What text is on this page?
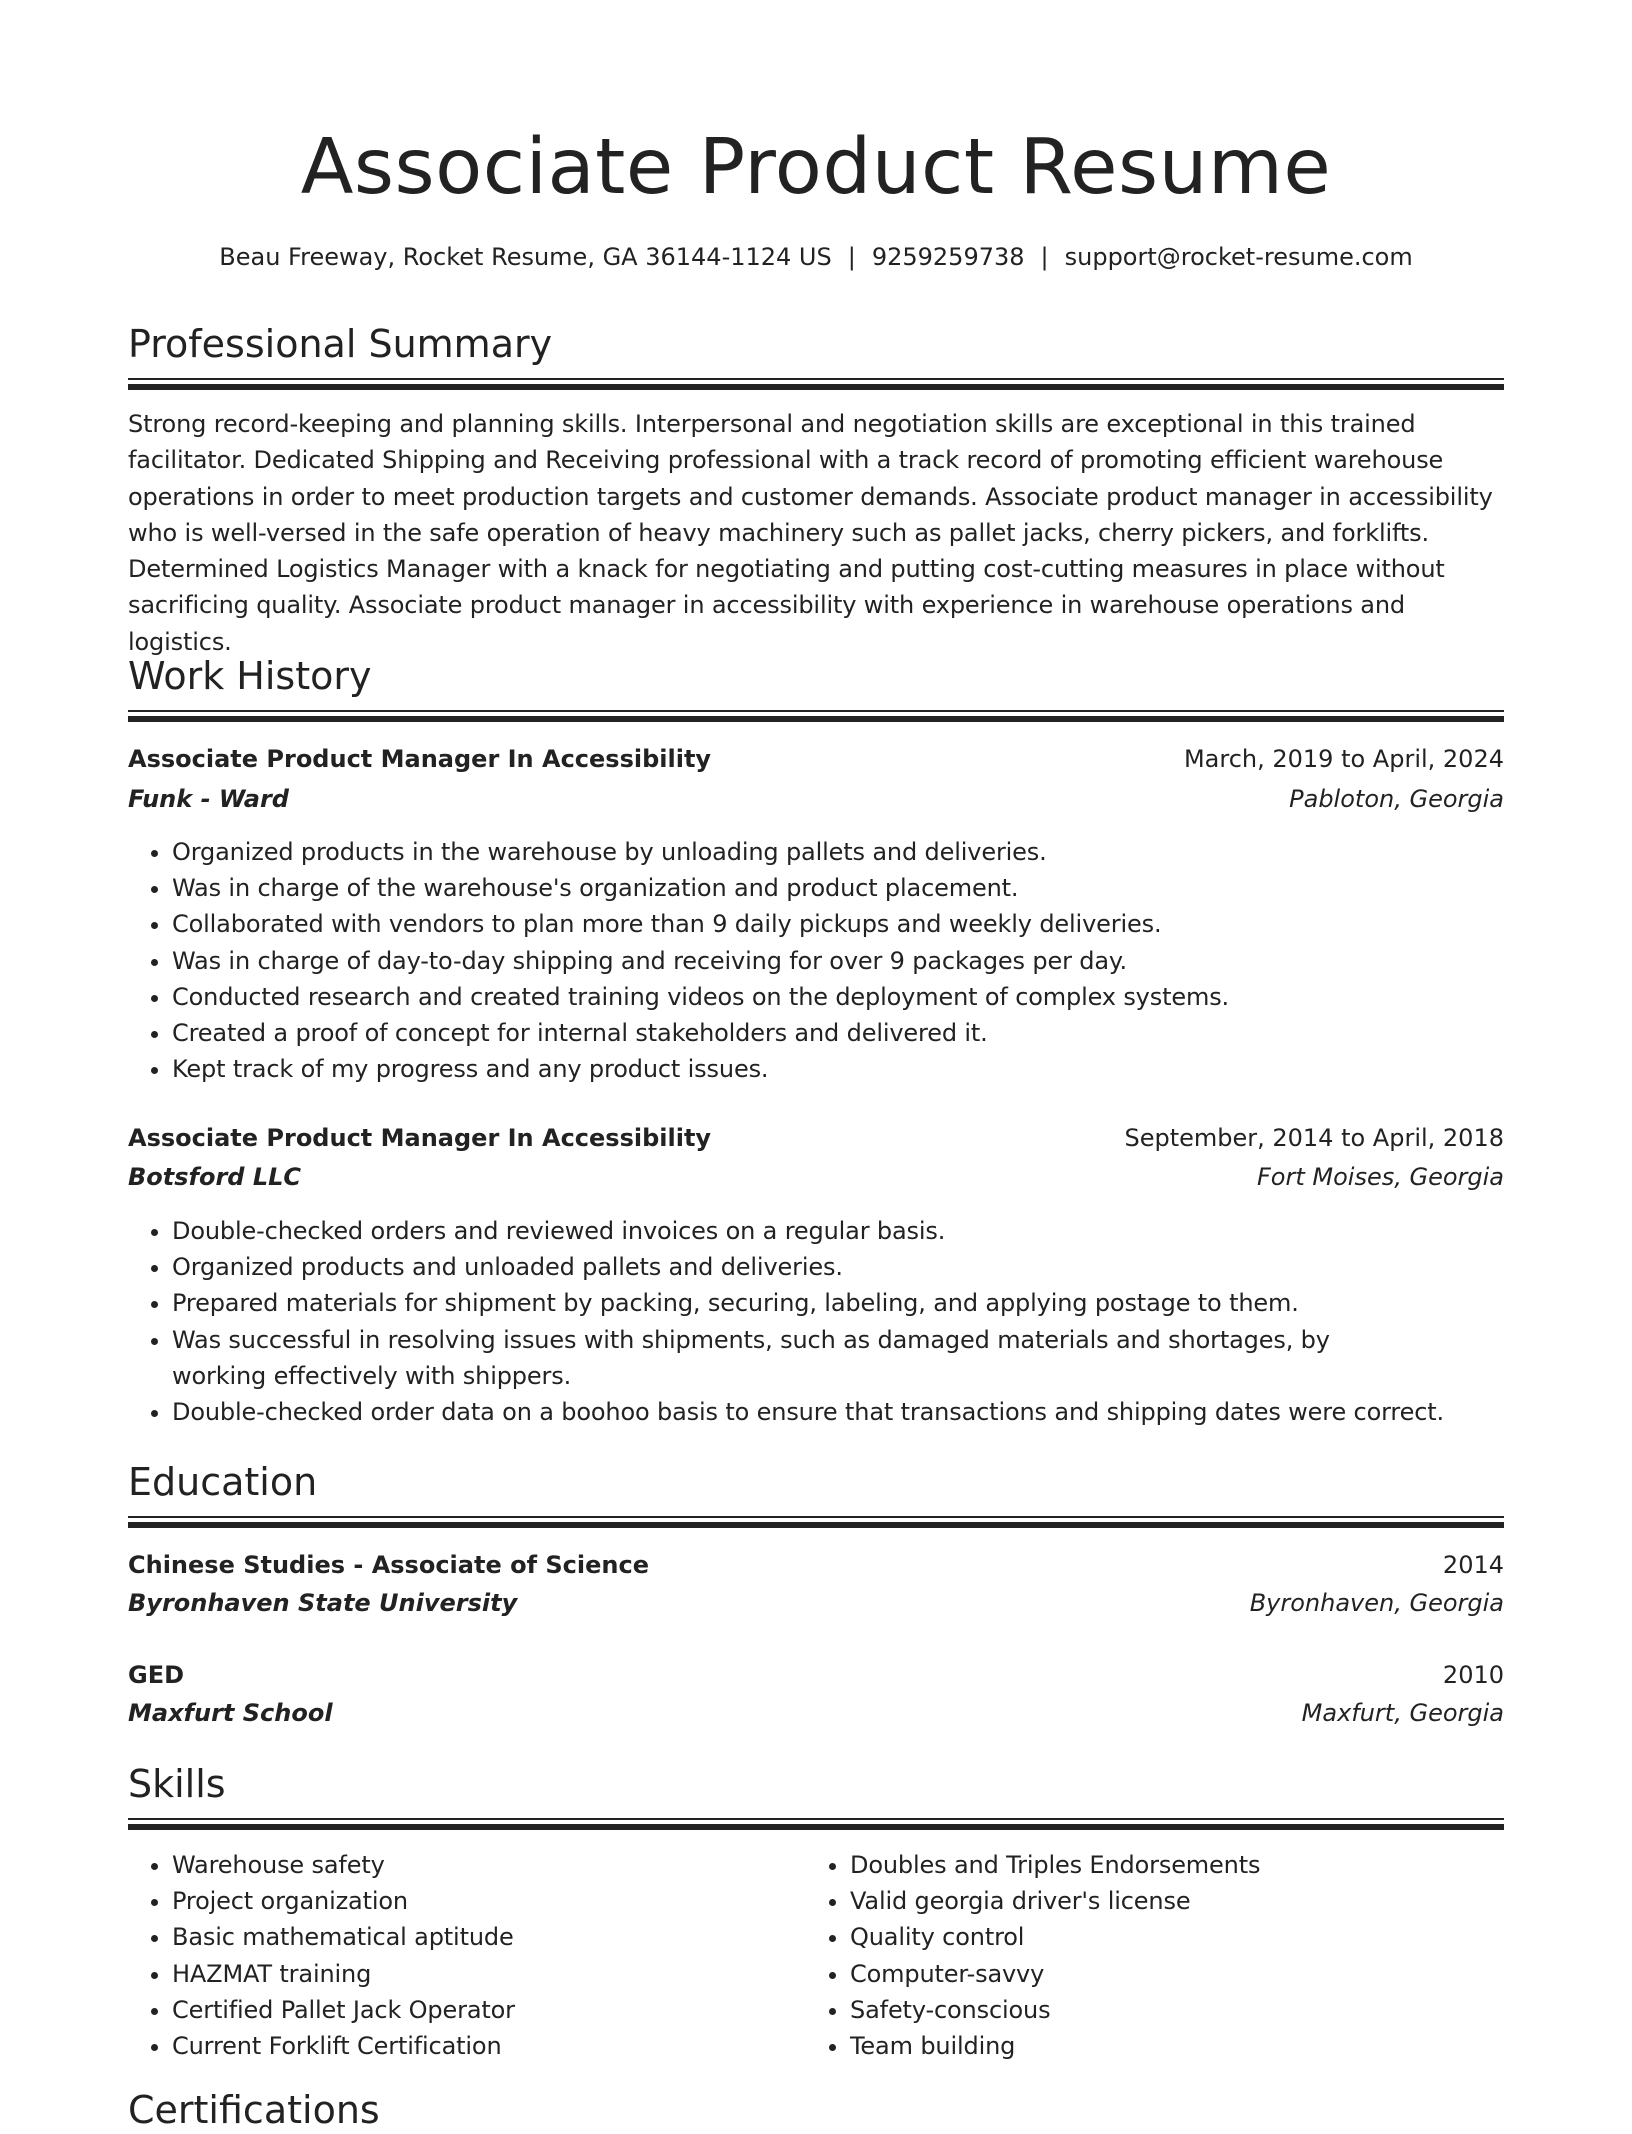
Associate Product Resume
Beau Freeway, Rocket Resume, GA 36144-1124 US | 9259259738 | support@rocket-resume.com
Professional Summary

Strong record-keeping and planning skills. Interpersonal and negotiation skills are exceptional in this trained facilitator. Dedicated Shipping and Receiving professional with a track record of promoting efficient warehouse operations in order to meet production targets and customer demands. Associate product manager in accessibility who is well-versed in the safe operation of heavy machinery such as pallet jacks, cherry pickers, and forklifts. Determined Logistics Manager with a knack for negotiating and putting cost-cutting measures in place without sacrificing quality. Associate product manager in accessibility with experience in warehouse operations and logistics.

Work History
Associate Product Manager In Accessibility	March, 2019 to April, 2024
Funk - Ward	Pabloton, Georgia
• Organized products in the warehouse by unloading pallets and deliveries.
• Was in charge of the warehouse's organization and product placement.
• Collaborated with vendors to plan more than 9 daily pickups and weekly deliveries.
• Was in charge of day-to-day shipping and receiving for over 9 packages per day.
• Conducted research and created training videos on the deployment of complex systems.
• Created a proof of concept for internal stakeholders and delivered it.
• Kept track of my progress and any product issues.
Associate Product Manager In Accessibility	September, 2014 to April, 2018
Botsford LLC	Fort Moises, Georgia
• Double-checked orders and reviewed invoices on a regular basis.
• Organized products and unloaded pallets and deliveries.
• Prepared materials for shipment by packing, securing, labeling, and applying postage to them.
• Was successful in resolving issues with shipments, such as damaged materials and shortages, by working effectively with shippers.
• Double-checked order data on a boohoo basis to ensure that transactions and shipping dates were correct.
Education
Chinese Studies - Associate of Science	2014
Byronhaven State University	Byronhaven, Georgia
GED	2010
Maxfurt School	Maxfurt, Georgia
Skills
• Warehouse safety
• Project organization
• Basic mathematical aptitude
• HAZMAT training
• Certified Pallet Jack Operator
• Current Forklift Certification
• Doubles and Triples Endorsements
• Valid georgia driver's license
• Quality control
• Computer-savvy
• Safety-conscious
• Team building
Certifications
